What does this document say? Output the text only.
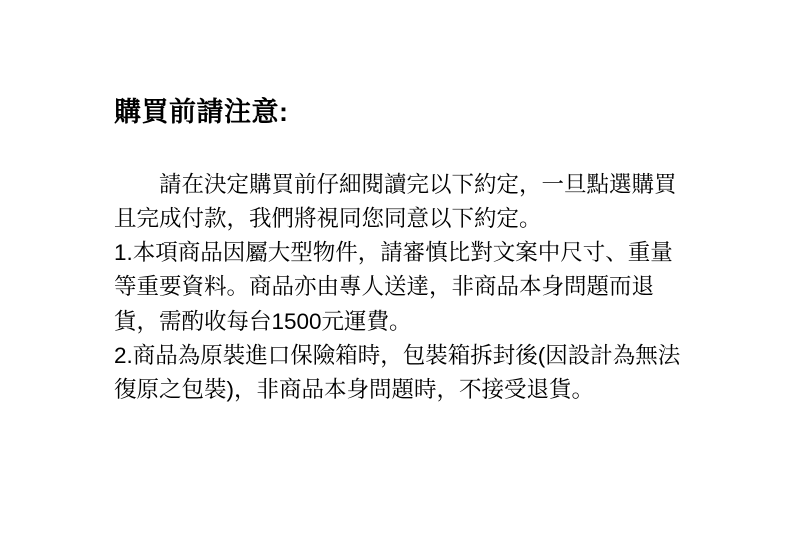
購買前請注意:

請在決定購買前仔細閱讀完以下約定，一旦點選購買且完成付款，我們將視同您同意以下約定。

1.本項商品因屬大型物件，請審慎比對文案中尺寸、重量等重要資料。商品亦由專人送達，非商品本身問題而退貨，需酌收每台1500元運費。

2.商品為原裝進口保險箱時，包裝箱拆封後(因設計為無法復原之包裝)，非商品本身問題時，不接受退貨。
